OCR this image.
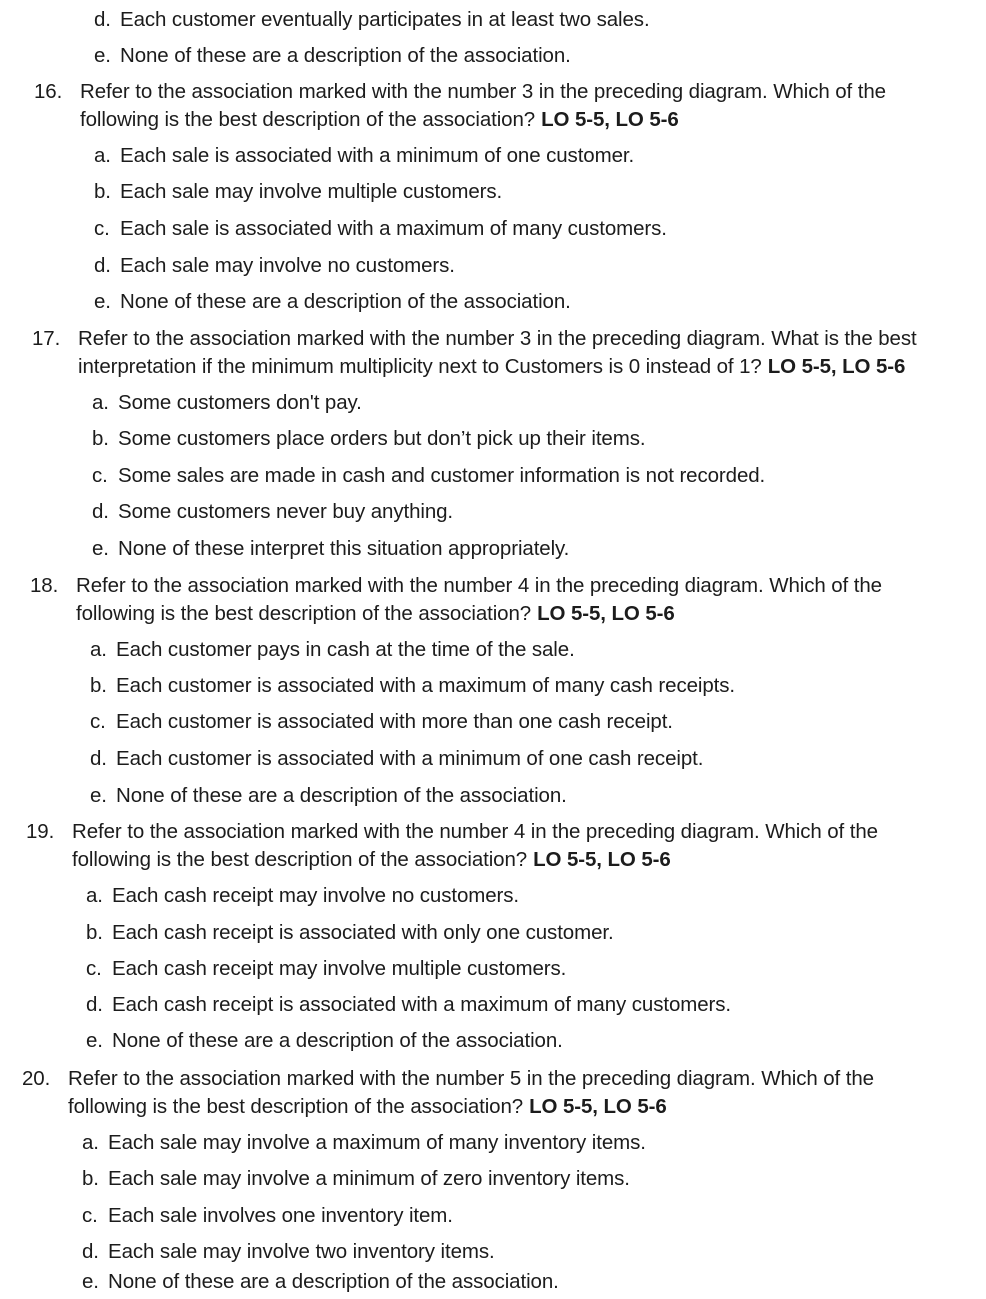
d. Each customer eventually participates in at least two sales.
e. None of these are a description of the association.
16. Refer to the association marked with the number 3 in the preceding diagram. Which of the
following is the best description of the association? LO 5-5, LO 5-6
a. Each sale is associated with a minimum of one customer.
b. Each sale may involve multiple customers.
c. Each sale is associated with a maximum of many customers.
d. Each sale may involve no customers.
e. None of these are a description of the association.
17. Refer to the association marked with the number 3 in the preceding diagram. What is the best
interpretation if the minimum multiplicity next to Customers is 0 instead of 1? LO 5-5, LO 5-6
a. Some customers don't pay.
b. Some customers place orders but don’t pick up their items.
c. Some sales are made in cash and customer information is not recorded.
d. Some customers never buy anything.
e. None of these interpret this situation appropriately.
18. Refer to the association marked with the number 4 in the preceding diagram. Which of the
following is the best description of the association? LO 5-5, LO 5-6
a. Each customer pays in cash at the time of the sale.
b. Each customer is associated with a maximum of many cash receipts.
c. Each customer is associated with more than one cash receipt.
d. Each customer is associated with a minimum of one cash receipt.
e. None of these are a description of the association.
19. Refer to the association marked with the number 4 in the preceding diagram. Which of the
following is the best description of the association? LO 5-5, LO 5-6
a. Each cash receipt may involve no customers.
b. Each cash receipt is associated with only one customer.
c. Each cash receipt may involve multiple customers.
d. Each cash receipt is associated with a maximum of many customers.
e. None of these are a description of the association.
20. Refer to the association marked with the number 5 in the preceding diagram. Which of the
following is the best description of the association? LO 5-5, LO 5-6
a. Each sale may involve a maximum of many inventory items.
b. Each sale may involve a minimum of zero inventory items.
c. Each sale involves one inventory item.
d. Each sale may involve two inventory items.
e. None of these are a description of the association.
